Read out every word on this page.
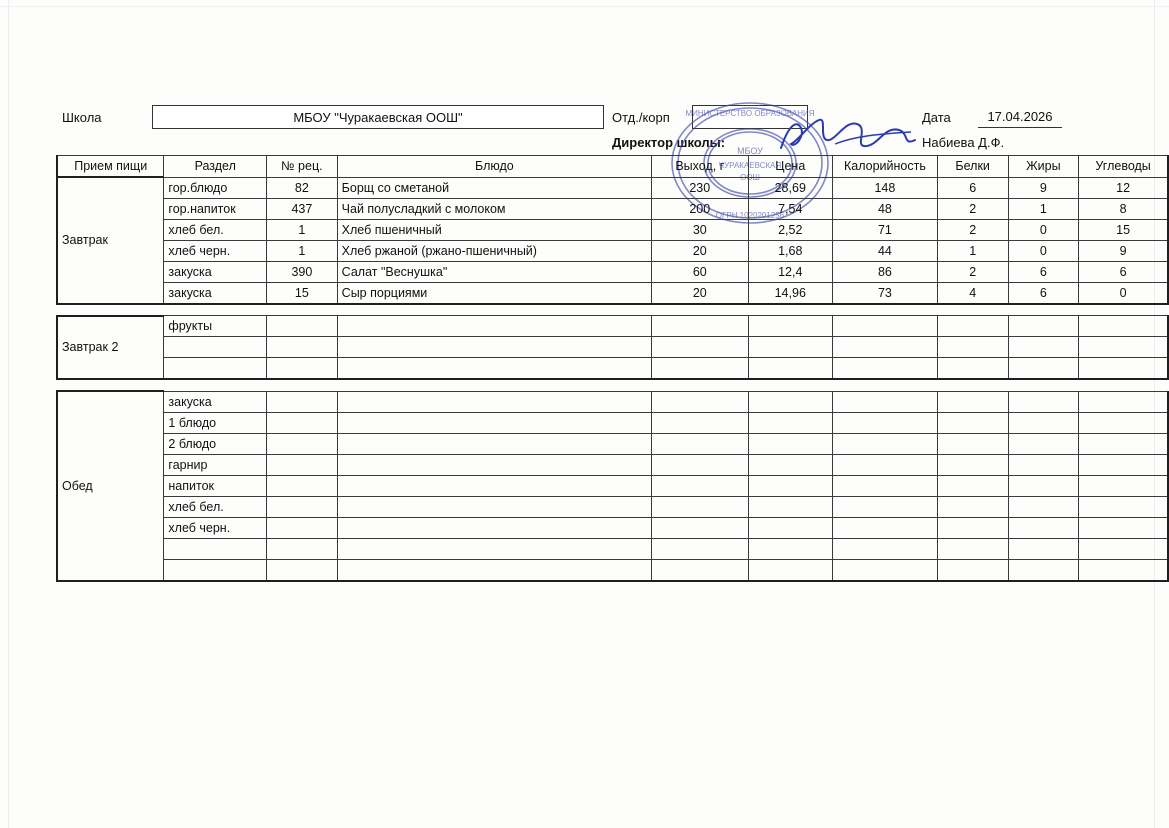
Школа	МБОУ "Чуракаевская ООШ"	Отд./корп	Дата	17.04.2026
Директор школы:	Набиева Д.Ф.
МИНИСТЕРСТВО ОБРАЗОВАНИЯ
ОГРН 1020201256
МБОУ
ЧУРАКАЕВСКАЯ
ООШ
Прием пищи	Раздел	№ рец.	Блюдо	Выход, г	Цена	Калорийность	Белки	Жиры	Углеводы
Завтрак	гор.блюдо	82	Борщ со сметаной	230	28,69	148	6	9	12
	гор.напиток	437	Чай полусладкий с молоком	200	7,54	48	2	1	8
	хлеб бел.	1	Хлеб пшеничный	30	2,52	71	2	0	15
	хлеб черн.	1	Хлеб ржаной (ржано-пшеничный)	20	1,68	44	1	0	9
	закуска	390	Салат "Веснушка"	60	12,4	86	2	6	6
	закуска	15	Сыр порциями	20	14,96	73	4	6	0

Завтрак 2	фрукты								

Обед	закуска								
	1 блюдо								
	2 блюдо								
	гарнир								
	напиток								
	хлеб бел.								
	хлеб черн.								
